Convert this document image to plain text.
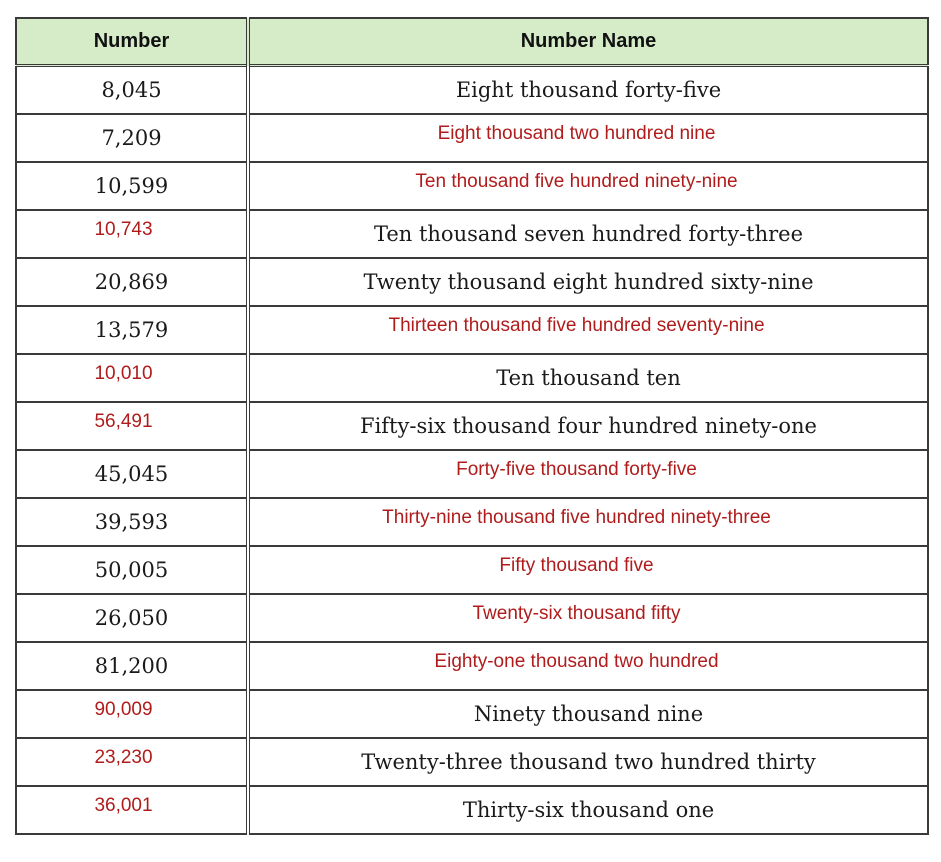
Number	Number Name
8,045	Eight thousand forty-five
7,209	Eight thousand two hundred nine
10,599	Ten thousand five hundred ninety-nine
10,743	Ten thousand seven hundred forty-three
20,869	Twenty thousand eight hundred sixty-nine
13,579	Thirteen thousand five hundred seventy-nine
10,010	Ten thousand ten
56,491	Fifty-six thousand four hundred ninety-one
45,045	Forty-five thousand forty-five
39,593	Thirty-nine thousand five hundred ninety-three
50,005	Fifty thousand five
26,050	Twenty-six thousand fifty
81,200	Eighty-one thousand two hundred
90,009	Ninety thousand nine
23,230	Twenty-three thousand two hundred thirty
36,001	Thirty-six thousand one
